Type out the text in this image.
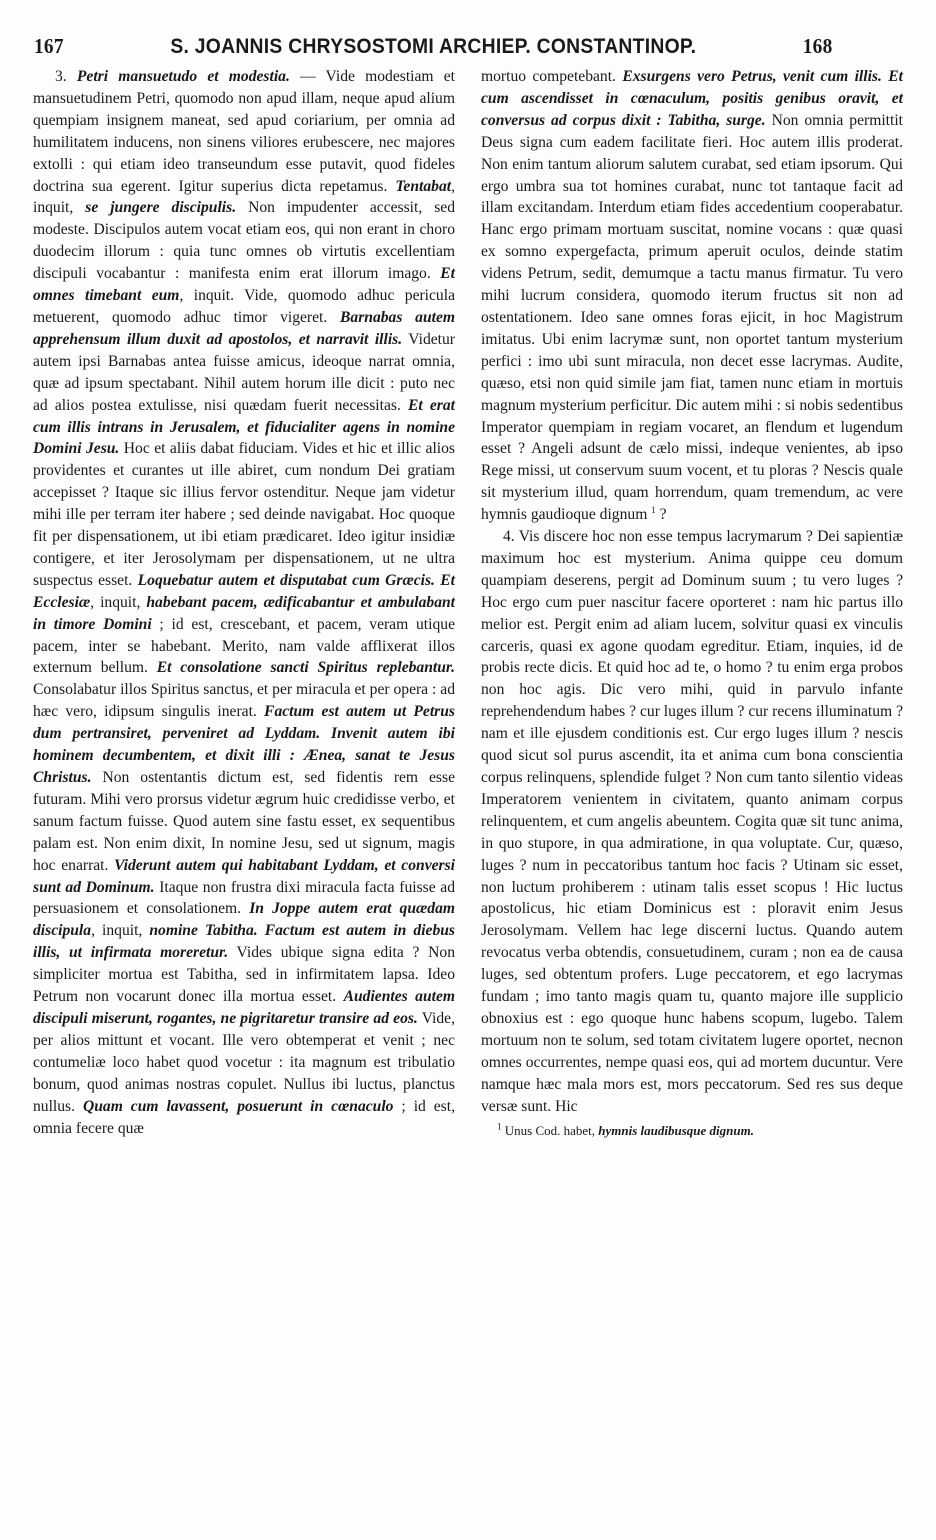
167	S. JOANNIS CHRYSOSTOMI ARCHIEP. CONSTANTINOP.	168

3. Petri mansuetudo et modestia. — Vide modestiam et mansuetudinem Petri, quomodo non apud illam, neque apud alium quempiam insignem maneat, sed apud coriarium, per omnia ad humilitatem inducens, non sinens viliores erubescere, nec majores extolli : qui etiam ideo transeundum esse putavit, quod fideles doctrina sua egerent. Igitur superius dicta repetamus. Tentabat, inquit, se jungere discipulis. Non impudenter accessit, sed modeste. Discipulos autem vocat etiam eos, qui non erant in choro duodecim illorum : quia tunc omnes ob virtutis excellentiam discipuli vocabantur : manifesta enim erat illorum imago. Et omnes timebant eum, inquit. Vide, quomodo adhuc pericula metuerent, quomodo adhuc timor vigeret. Barnabas autem apprehensum illum duxit ad apostolos, et narravit illis. Videtur autem ipsi Barnabas antea fuisse amicus, ideoque narrat omnia, quæ ad ipsum spectabant. Nihil autem horum ille dicit : puto nec ad alios postea extulisse, nisi quædam fuerit necessitas. Et erat cum illis intrans in Jerusalem, et fiducialiter agens in nomine Domini Jesu. Hoc et aliis dabat fiduciam. Vides et hic et illic alios providentes et curantes ut ille abiret, cum nondum Dei gratiam accepisset ? Itaque sic illius fervor ostenditur. Neque jam videtur mihi ille per terram iter habere ; sed deinde navigabat. Hoc quoque fit per dispensationem, ut ibi etiam prædicaret. Ideo igitur insidiæ contigere, et iter Jerosolymam per dispensationem, ut ne ultra suspectus esset. Loquebatur autem et disputabat cum Græcis. Et Ecclesiæ, inquit, habebant pacem, ædificabantur et ambulabant in timore Domini ; id est, crescebant, et pacem, veram utique pacem, inter se habebant. Merito, nam valde afflixerat illos externum bellum. Et consolatione sancti Spiritus replebantur. Consolabatur illos Spiritus sanctus, et per miracula et per opera : ad hæc vero, idipsum singulis inerat. Factum est autem ut Petrus dum pertransiret, perveniret ad Lyddam. Invenit autem ibi hominem decumbentem, et dixit illi : Ænea, sanat te Jesus Christus. Non ostentantis dictum est, sed fidentis rem esse futuram. Mihi vero prorsus videtur ægrum huic credidisse verbo, et sanum factum fuisse. Quod autem sine fastu esset, ex sequentibus palam est. Non enim dixit, In nomine Jesu, sed ut signum, magis hoc enarrat. Viderunt autem qui habitabant Lyddam, et conversi sunt ad Dominum. Itaque non frustra dixi miracula facta fuisse ad persuasionem et consolationem. In Joppe autem erat quædam discipula, inquit, nomine Tabitha. Factum est autem in diebus illis, ut infirmata moreretur. Vides ubique signa edita ? Non simpliciter mortua est Tabitha, sed in infirmitatem lapsa. Ideo Petrum non vocarunt donec illa mortua esset. Audientes autem discipuli miserunt, rogantes, ne pigritaretur transire ad eos. Vide, per alios mittunt et vocant. Ille vero obtemperat et venit ; nec contumeliæ loco habet quod vocetur : ita magnum est tribulatio bonum, quod animas nostras copulet. Nullus ibi luctus, planctus nullus. Quam cum lavassent, posuerunt in cœnaculo ; id est, omnia fecere quæ

mortuo competebant. Exsurgens vero Petrus, venit cum illis. Et cum ascendisset in cœnaculum, positis genibus oravit, et conversus ad corpus dixit : Tabitha, surge. Non omnia permittit Deus signa cum eadem facilitate fieri. Hoc autem illis proderat. Non enim tantum aliorum salutem curabat, sed etiam ipsorum. Qui ergo umbra sua tot homines curabat, nunc tot tantaque facit ad illam excitandam. Interdum etiam fides accedentium cooperabatur. Hanc ergo primam mortuam suscitat, nomine vocans : quæ quasi ex somno expergefacta, primum aperuit oculos, deinde statim videns Petrum, sedit, demumque a tactu manus firmatur. Tu vero mihi lucrum considera, quomodo iterum fructus sit non ad ostentationem. Ideo sane omnes foras ejicit, in hoc Magistrum imitatus. Ubi enim lacrymæ sunt, non oportet tantum mysterium perfici : imo ubi sunt miracula, non decet esse lacrymas. Audite, quæso, etsi non quid simile jam fiat, tamen nunc etiam in mortuis magnum mysterium perficitur. Dic autem mihi : si nobis sedentibus Imperator quempiam in regiam vocaret, an flendum et lugendum esset ? Angeli adsunt de cælo missi, indeque venientes, ab ipso Rege missi, ut conservum suum vocent, et tu ploras ? Nescis quale sit mysterium illud, quam horrendum, quam tremendum, ac vere hymnis gaudioque dignum $^1$ ?

4. Vis discere hoc non esse tempus lacrymarum ? Dei sapientiæ maximum hoc est mysterium. Anima quippe ceu domum quampiam deserens, pergit ad Dominum suum ; tu vero luges ? Hoc ergo cum puer nascitur facere oporteret : nam hic partus illo melior est. Pergit enim ad aliam lucem, solvitur quasi ex vinculis carceris, quasi ex agone quodam egreditur. Etiam, inquies, id de probis recte dicis. Et quid hoc ad te, o homo ? tu enim erga probos non hoc agis. Dic vero mihi, quid in parvulo infante reprehendendum habes ? cur luges illum ? cur recens illuminatum ? nam et ille ejusdem conditionis est. Cur ergo luges illum ? nescis quod sicut sol purus ascendit, ita et anima cum bona conscientia corpus relinquens, splendide fulget ? Non cum tanto silentio videas Imperatorem venientem in civitatem, quanto animam corpus relinquentem, et cum angelis abeuntem. Cogita quæ sit tunc anima, in quo stupore, in qua admiratione, in qua voluptate. Cur, quæso, luges ? num in peccatoribus tantum hoc facis ? Utinam sic esset, non luctum prohiberem : utinam talis esset scopus ! Hic luctus apostolicus, hic etiam Dominicus est : ploravit enim Jesus Jerosolymam. Vellem hac lege discerni luctus. Quando autem revocatus verba obtendis, consuetudinem, curam ; non ea de causa luges, sed obtentum profers. Luge peccatorem, et ego lacrymas fundam ; imo tanto magis quam tu, quanto majore ille supplicio obnoxius est : ego quoque hunc habens scopum, lugebo. Talem mortuum non te solum, sed totam civitatem lugere oportet, necnon omnes occurrentes, nempe quasi eos, qui ad mortem ducuntur. Vere namque hæc mala mors est, mors peccatorum. Sed res sus deque versæ sunt. Hic

$^1$ Unus Cod. habet, hymnis laudibusque dignum.
